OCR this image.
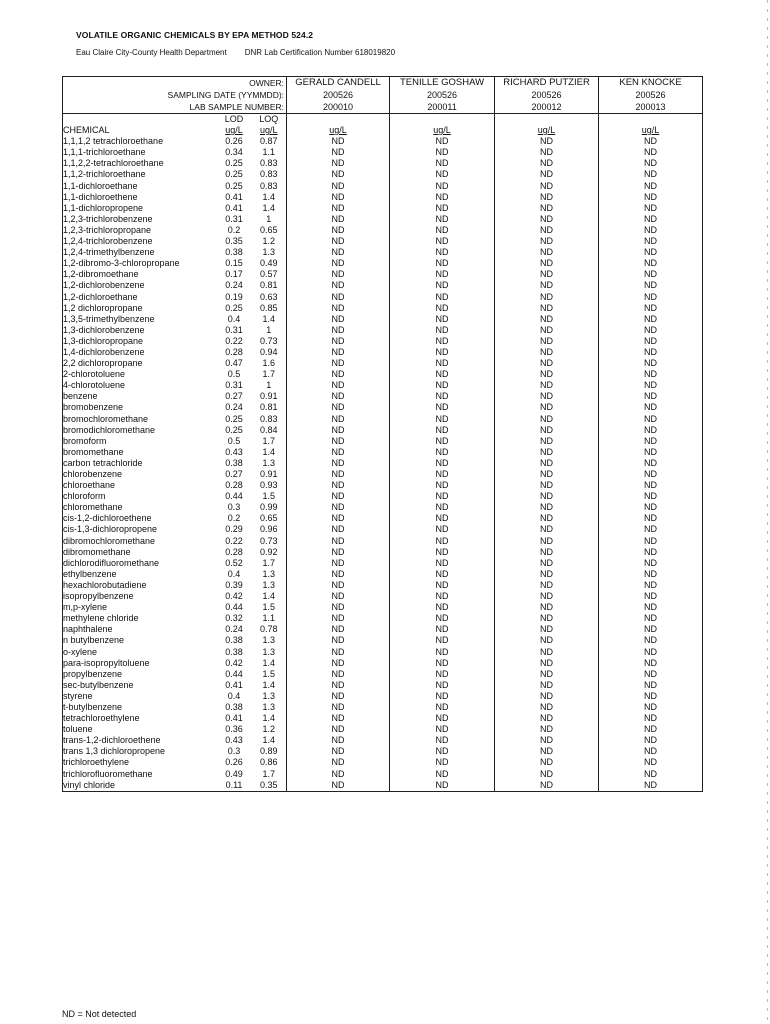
VOLATILE ORGANIC CHEMICALS BY EPA METHOD 524.2
Eau Claire City-County Health Department DNR Lab Certification Number 618019820
OWNER:			GERALD CANDELL	TENILLE GOSHAW	RICHARD PUTZIER	KEN KNOCKE
SAMPLING DATE (YYMMDD):			200526	200526	200526	200526
LAB SAMPLE NUMBER:			200010	200011	200012	200013
	LOD	LOQ				
CHEMICAL	ug/L	ug/L	ug/L	ug/L	ug/L	ug/L
1,1,1,2 tetrachloroethane	0.26	0.87	ND	ND	ND	ND
1,1,1-trichloroethane	0.34	1.1	ND	ND	ND	ND
1,1,2,2-tetrachloroethane	0.25	0.83	ND	ND	ND	ND
1,1,2-trichloroethane	0.25	0.83	ND	ND	ND	ND
1,1-dichloroethane	0.25	0.83	ND	ND	ND	ND
1,1-dichloroethene	0.41	1.4	ND	ND	ND	ND
1,1-dichloropropene	0.41	1.4	ND	ND	ND	ND
1,2,3-trichlorobenzene	0.31	1	ND	ND	ND	ND
1,2,3-trichloropropane	0.2	0.65	ND	ND	ND	ND
1,2,4-trichlorobenzene	0.35	1.2	ND	ND	ND	ND
1,2,4-trimethylbenzene	0.38	1.3	ND	ND	ND	ND
1,2-dibromo-3-chloropropane	0.15	0.49	ND	ND	ND	ND
1,2-dibromoethane	0.17	0.57	ND	ND	ND	ND
1,2-dichlorobenzene	0.24	0.81	ND	ND	ND	ND
1,2-dichloroethane	0.19	0.63	ND	ND	ND	ND
1,2 dichloropropane	0.25	0.85	ND	ND	ND	ND
1,3,5-trimethylbenzene	0.4	1.4	ND	ND	ND	ND
1,3-dichlorobenzene	0.31	1	ND	ND	ND	ND
1,3-dichloropropane	0.22	0.73	ND	ND	ND	ND
1,4-dichlorobenzene	0.28	0.94	ND	ND	ND	ND
2,2 dichloropropane	0.47	1.6	ND	ND	ND	ND
2-chlorotoluene	0.5	1.7	ND	ND	ND	ND
4-chlorotoluene	0.31	1	ND	ND	ND	ND
benzene	0.27	0.91	ND	ND	ND	ND
bromobenzene	0.24	0.81	ND	ND	ND	ND
bromochloromethane	0.25	0.83	ND	ND	ND	ND
bromodichloromethane	0.25	0.84	ND	ND	ND	ND
bromoform	0.5	1.7	ND	ND	ND	ND
bromomethane	0.43	1.4	ND	ND	ND	ND
carbon tetrachloride	0.38	1.3	ND	ND	ND	ND
chlorobenzene	0.27	0.91	ND	ND	ND	ND
chloroethane	0.28	0.93	ND	ND	ND	ND
chloroform	0.44	1.5	ND	ND	ND	ND
chloromethane	0.3	0.99	ND	ND	ND	ND
cis-1,2-dichloroethene	0.2	0.65	ND	ND	ND	ND
cis-1,3-dichloropropene	0.29	0.96	ND	ND	ND	ND
dibromochloromethane	0.22	0.73	ND	ND	ND	ND
dibromomethane	0.28	0.92	ND	ND	ND	ND
dichlorodifluoromethane	0.52	1.7	ND	ND	ND	ND
ethylbenzene	0.4	1.3	ND	ND	ND	ND
hexachlorobutadiene	0.39	1.3	ND	ND	ND	ND
isopropylbenzene	0.42	1.4	ND	ND	ND	ND
m,p-xylene	0.44	1.5	ND	ND	ND	ND
methylene chloride	0.32	1.1	ND	ND	ND	ND
naphthalene	0.24	0.78	ND	ND	ND	ND
n butylbenzene	0.38	1.3	ND	ND	ND	ND
o-xylene	0.38	1.3	ND	ND	ND	ND
para-isopropyltoluene	0.42	1.4	ND	ND	ND	ND
propylbenzene	0.44	1.5	ND	ND	ND	ND
sec-butylbenzene	0.41	1.4	ND	ND	ND	ND
styrene	0.4	1.3	ND	ND	ND	ND
t-butylbenzene	0.38	1.3	ND	ND	ND	ND
tetrachloroethylene	0.41	1.4	ND	ND	ND	ND
toluene	0.36	1.2	ND	ND	ND	ND
trans-1,2-dichloroethene	0.43	1.4	ND	ND	ND	ND
trans 1,3 dichloropropene	0.3	0.89	ND	ND	ND	ND
trichloroethylene	0.26	0.86	ND	ND	ND	ND
trichlorofluoromethane	0.49	1.7	ND	ND	ND	ND
vinyl chloride	0.11	0.35	ND	ND	ND	ND
ND = Not detected
